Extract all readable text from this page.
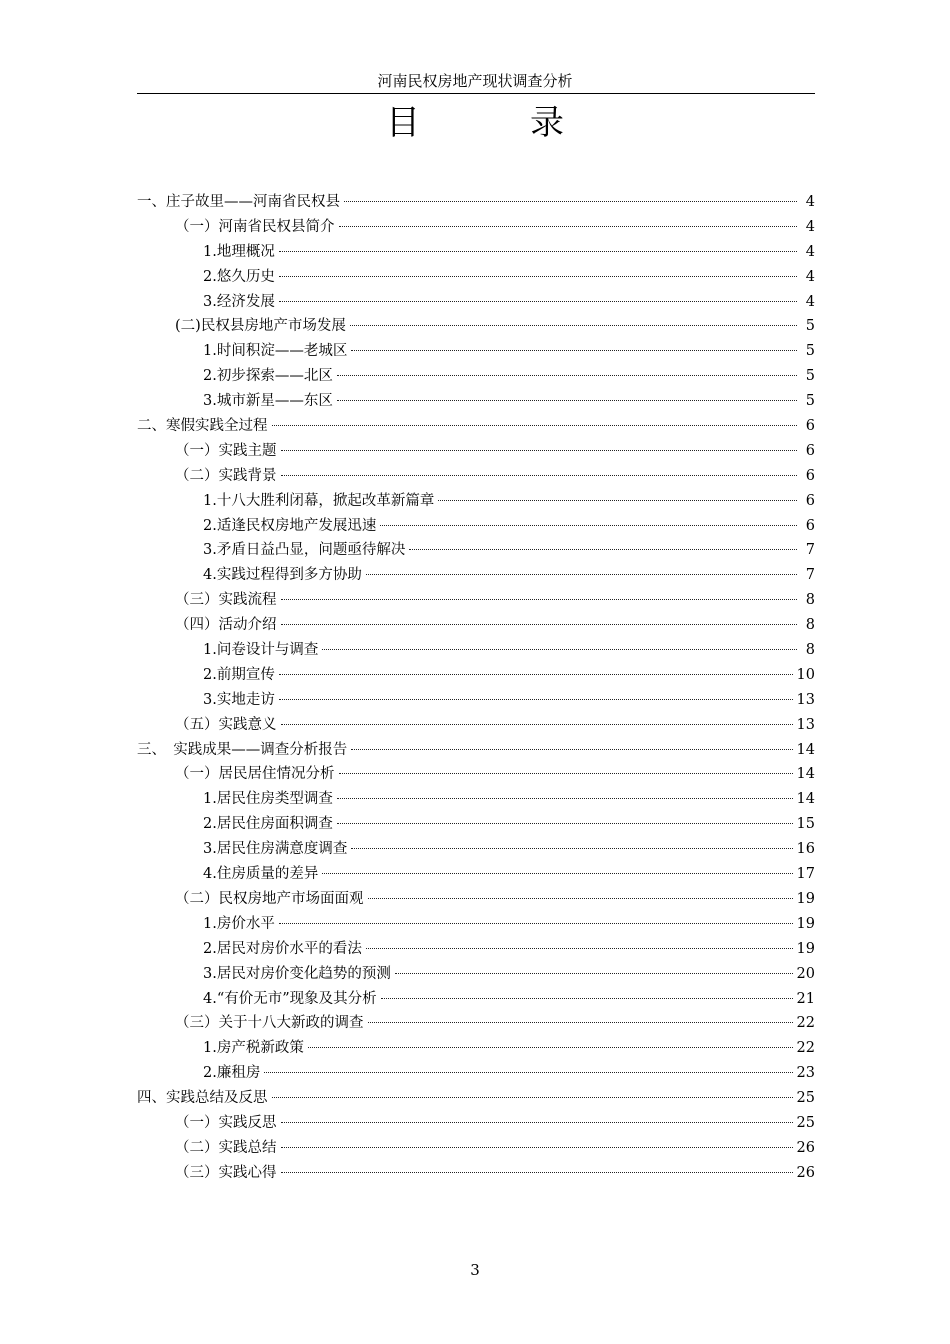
河南民权房地产现状调查分析
目　录
一、庄子故里——河南省民权县	4
（一）河南省民权县简介	4
1.地理概况	4
2.悠久历史	4
3.经济发展	4
(二)民权县房地产市场发展	5
1.时间积淀——老城区	5
2.初步探索——北区	5
3.城市新星——东区	5
二、寒假实践全过程	6
（一）实践主题	6
（二）实践背景	6
1.十八大胜利闭幕，掀起改革新篇章	6
2.适逢民权房地产发展迅速	6
3.矛盾日益凸显，问题亟待解决	7
4.实践过程得到多方协助	7
（三）实践流程	8
（四）活动介绍	8
1.问卷设计与调查	8
2.前期宣传	10
3.实地走访	13
（五）实践意义	13
三、　实践成果——调查分析报告	14
（一）居民居住情况分析	14
1.居民住房类型调查	14
2.居民住房面积调查	15
3.居民住房满意度调查	16
4.住房质量的差异	17
（二）民权房地产市场面面观	19
1.房价水平	19
2.居民对房价水平的看法	19
3.居民对房价变化趋势的预测	20
4.“有价无市”现象及其分析	21
（三）关于十八大新政的调查	22
1.房产税新政策	22
2.廉租房	23
四、实践总结及反思	25
（一）实践反思	25
（二）实践总结	26
（三）实践心得	26
3
